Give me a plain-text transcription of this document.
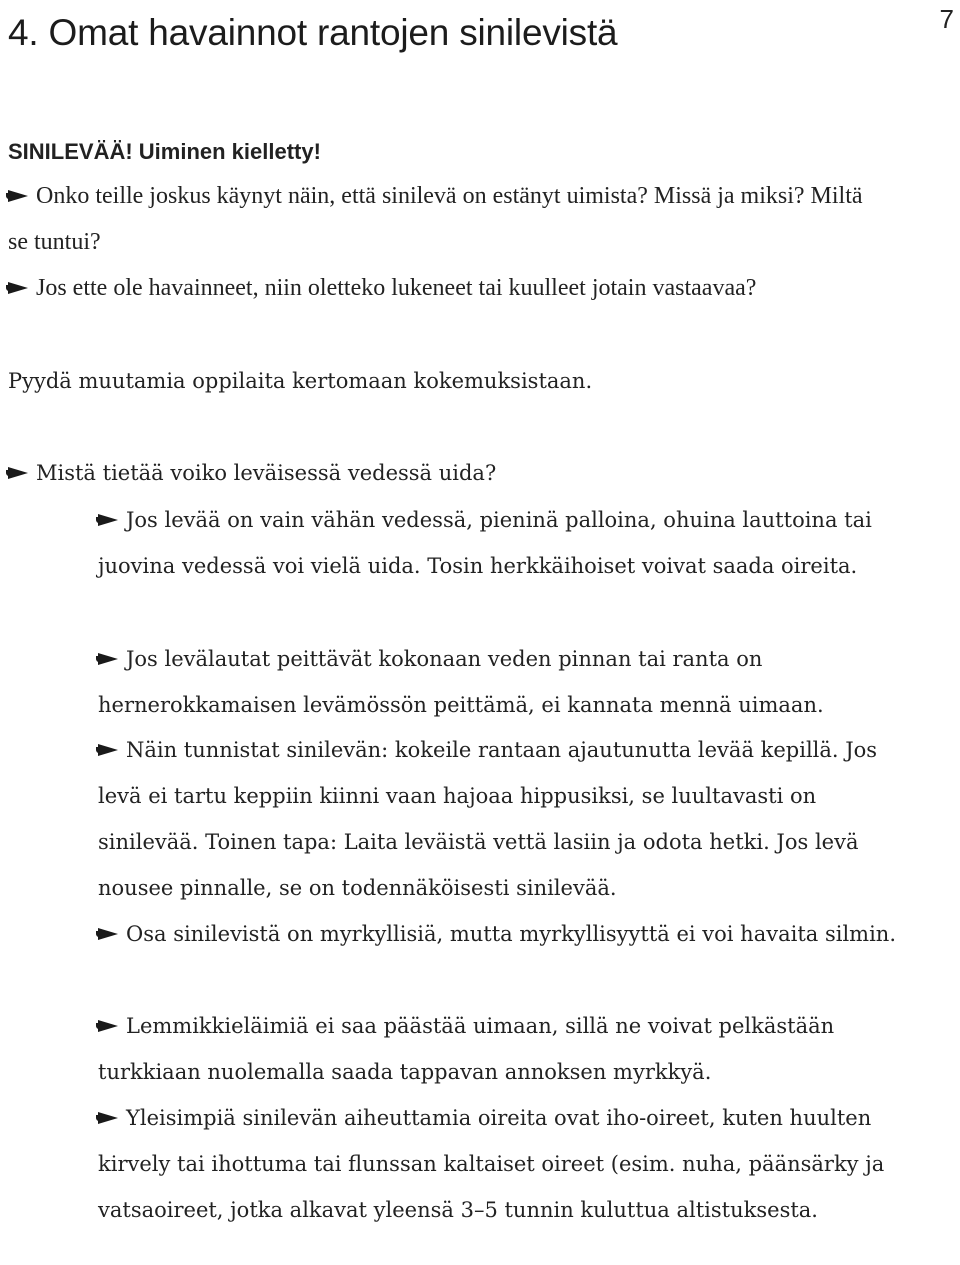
7
4. Omat havainnot rantojen sinilevistä
SINILEVÄÄ! Uiminen kielletty!
Onko teille joskus käynyt näin, että sinilevä on estänyt uimista? Missä ja miksi? Miltä se tuntui?
Jos ette ole havainneet, niin oletteko lukeneet tai kuulleet jotain vastaavaa?
Pyydä muutamia oppilaita kertomaan kokemuksistaan.
Mistä tietää voiko leväisessä vedessä uida?
Jos levää on vain vähän vedessä, pieninä palloina, ohuina lauttoina tai juovina vedessä voi vielä uida. Tosin herkkäihoiset voivat saada oireita.
Jos levälautat peittävät kokonaan veden pinnan tai ranta on hernerokkamaisen levämössön peittämä, ei kannata mennä uimaan.
Näin tunnistat sinilevän: kokeile rantaan ajautunutta levää kepillä. Jos levä ei tartu keppiin kiinni vaan hajoaa hippusiksi, se luultavasti on sinilevää. Toinen tapa: Laita leväistä vettä lasiin ja odota hetki. Jos levä nousee pinnalle, se on todennäköisesti sinilevää.
Osa sinilevistä on myrkyllisiä, mutta myrkyllisyyttä ei voi havaita silmin.
Lemmikkieläimiä ei saa päästää uimaan, sillä ne voivat pelkästään turkkiaan nuolemalla saada tappavan annoksen myrkkyä.
Yleisimpiä sinilevän aiheuttamia oireita ovat iho-oireet, kuten huulten kirvely tai ihottuma tai flunssan kaltaiset oireet (esim. nuha, päänsärky ja vatsaoireet, jotka alkavat yleensä 3–5 tunnin kuluttua altistuksesta.
